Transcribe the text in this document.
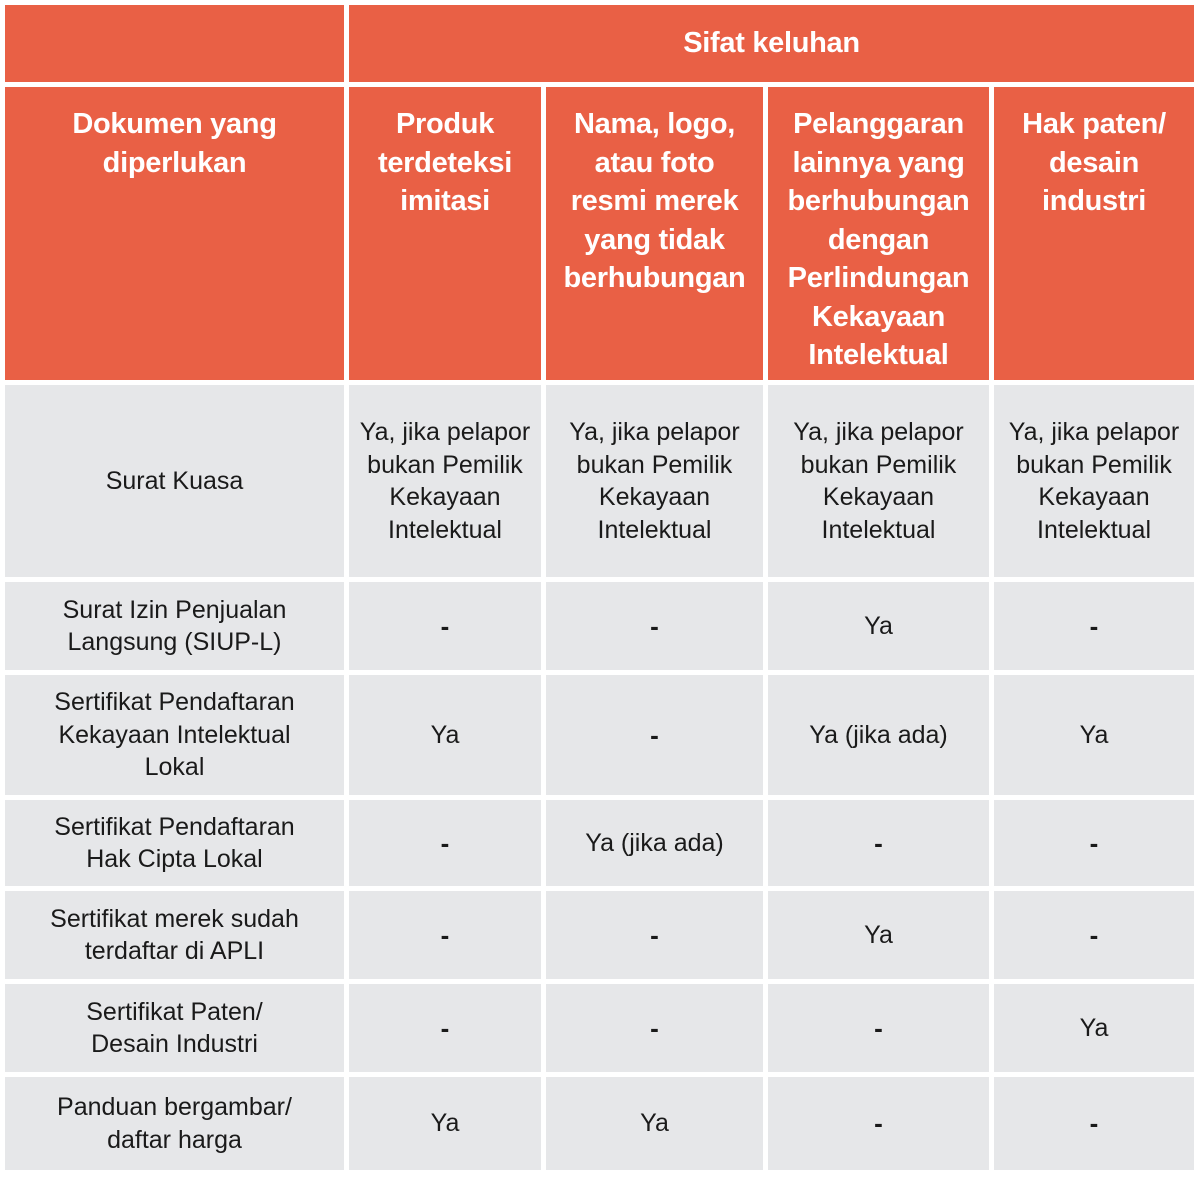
	Sifat keluhan			

Dokumen yang diperlukan	Produk terdeteksi imitasi	Nama, logo, atau foto resmi merek yang tidak berhubungan	Pelanggaran lainnya yang berhubungan dengan Perlindungan Kekayaan Intelektual	Hak paten/ desain industri

Surat Kuasa	Ya, jika pelapor bukan Pemilik Kekayaan Intelektual	Ya, jika pelapor bukan Pemilik Kekayaan Intelektual	Ya, jika pelapor bukan Pemilik Kekayaan Intelektual	Ya, jika pelapor bukan Pemilik Kekayaan Intelektual

Surat Izin Penjualan Langsung (SIUP-L)	-	-	Ya	-

Sertifikat Pendaftaran Kekayaan Intelektual Lokal	Ya	-	Ya (jika ada)	Ya

Sertifikat Pendaftaran Hak Cipta Lokal	-	Ya (jika ada)	-	-

Sertifikat merek sudah terdaftar di APLI	-	-	Ya	-

Sertifikat Paten/ Desain Industri	-	-	-	Ya

Panduan bergambar/ daftar harga	Ya	Ya	-	-
